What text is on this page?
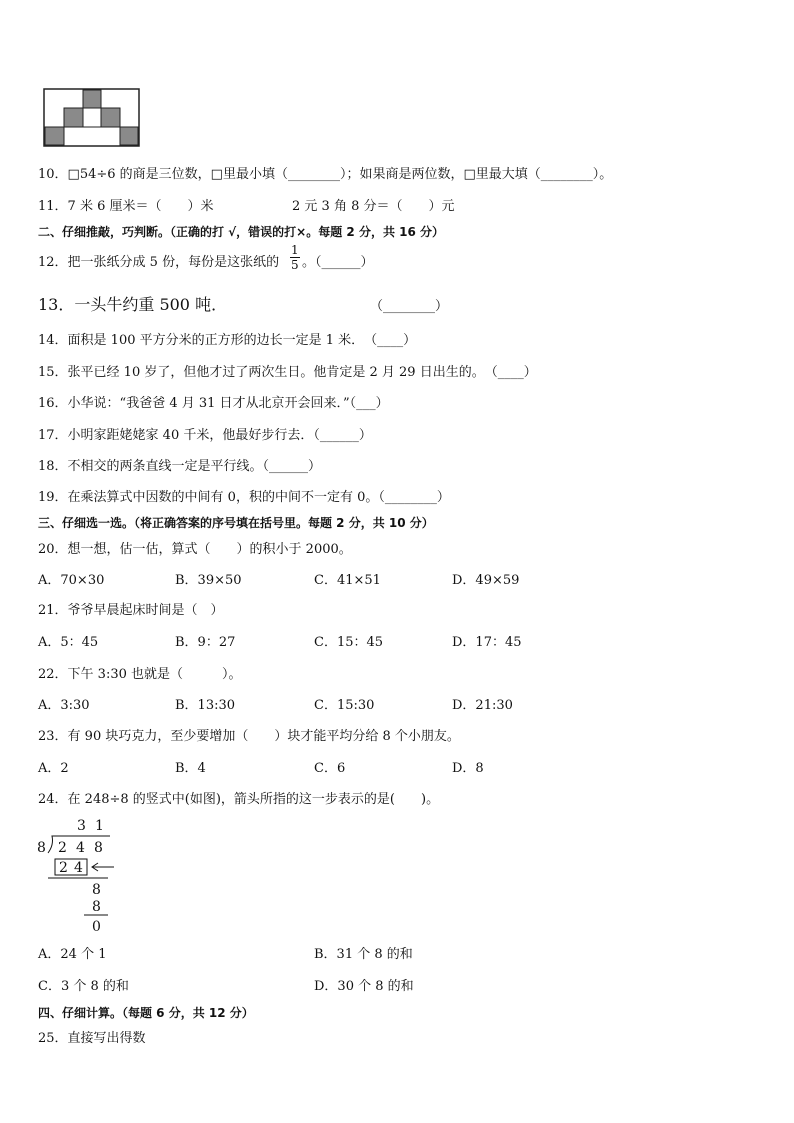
10．□54÷6 的商是三位数，□里最小填（________）；如果商是两位数，□里最大填（________）。
11．7 米 6 厘米＝（　　）米	2 元 3 角 8 分＝（　　）元
二、仔细推敲，巧判断。（正确的打 √，错误的打×。每题 2 分，共 16 分）
12．把一张纸分成 5 份，每份是这张纸的 $\frac{1}{5}$ 。（______）
13．一头牛约重 500 吨．	（________）
14．面积是 100 平方分米的正方形的边长一定是 1 米．　（____）
15．张平已经 10 岁了，但他才过了两次生日。他肯定是 2 月 29 日出生的。　（____）
16．小华说：“我爸爸 4 月 31 日才从北京开会回来．”（___）
17．小明家距姥姥家 40 千米，他最好步行去．（______）
18．不相交的两条直线一定是平行线。（______）
19．在乘法算式中因数的中间有 0，积的中间不一定有 0。（________）
三、仔细选一选。（将正确答案的序号填在括号里。每题 2 分，共 10 分）
20．想一想，估一估，算式（　　）的积小于 2000。
A．70×30	B．39×50	C．41×51	D．49×59
21．爷爷早晨起床时间是（　）
A．5：45	B．9：27	C．15：45	D．17：45
22．下午 3:30 也就是（　　　）。
A．3:30	B．13:30	C．15:30	D．21:30
23．有 90 块巧克力，至少要增加（　　）块才能平均分给 8 个小朋友。
A．2	B．4	C．6	D．8
24．在 248÷8 的竖式中(如图)，箭头所指的这一步表示的是(　　)。
3 1
8 2 4 8
2 4
8
8
0
A．24 个 1	B．31 个 8 的和
C．3 个 8 的和	D．30 个 8 的和
四、仔细计算。（每题 6 分，共 12 分）
25．直接写出得数
